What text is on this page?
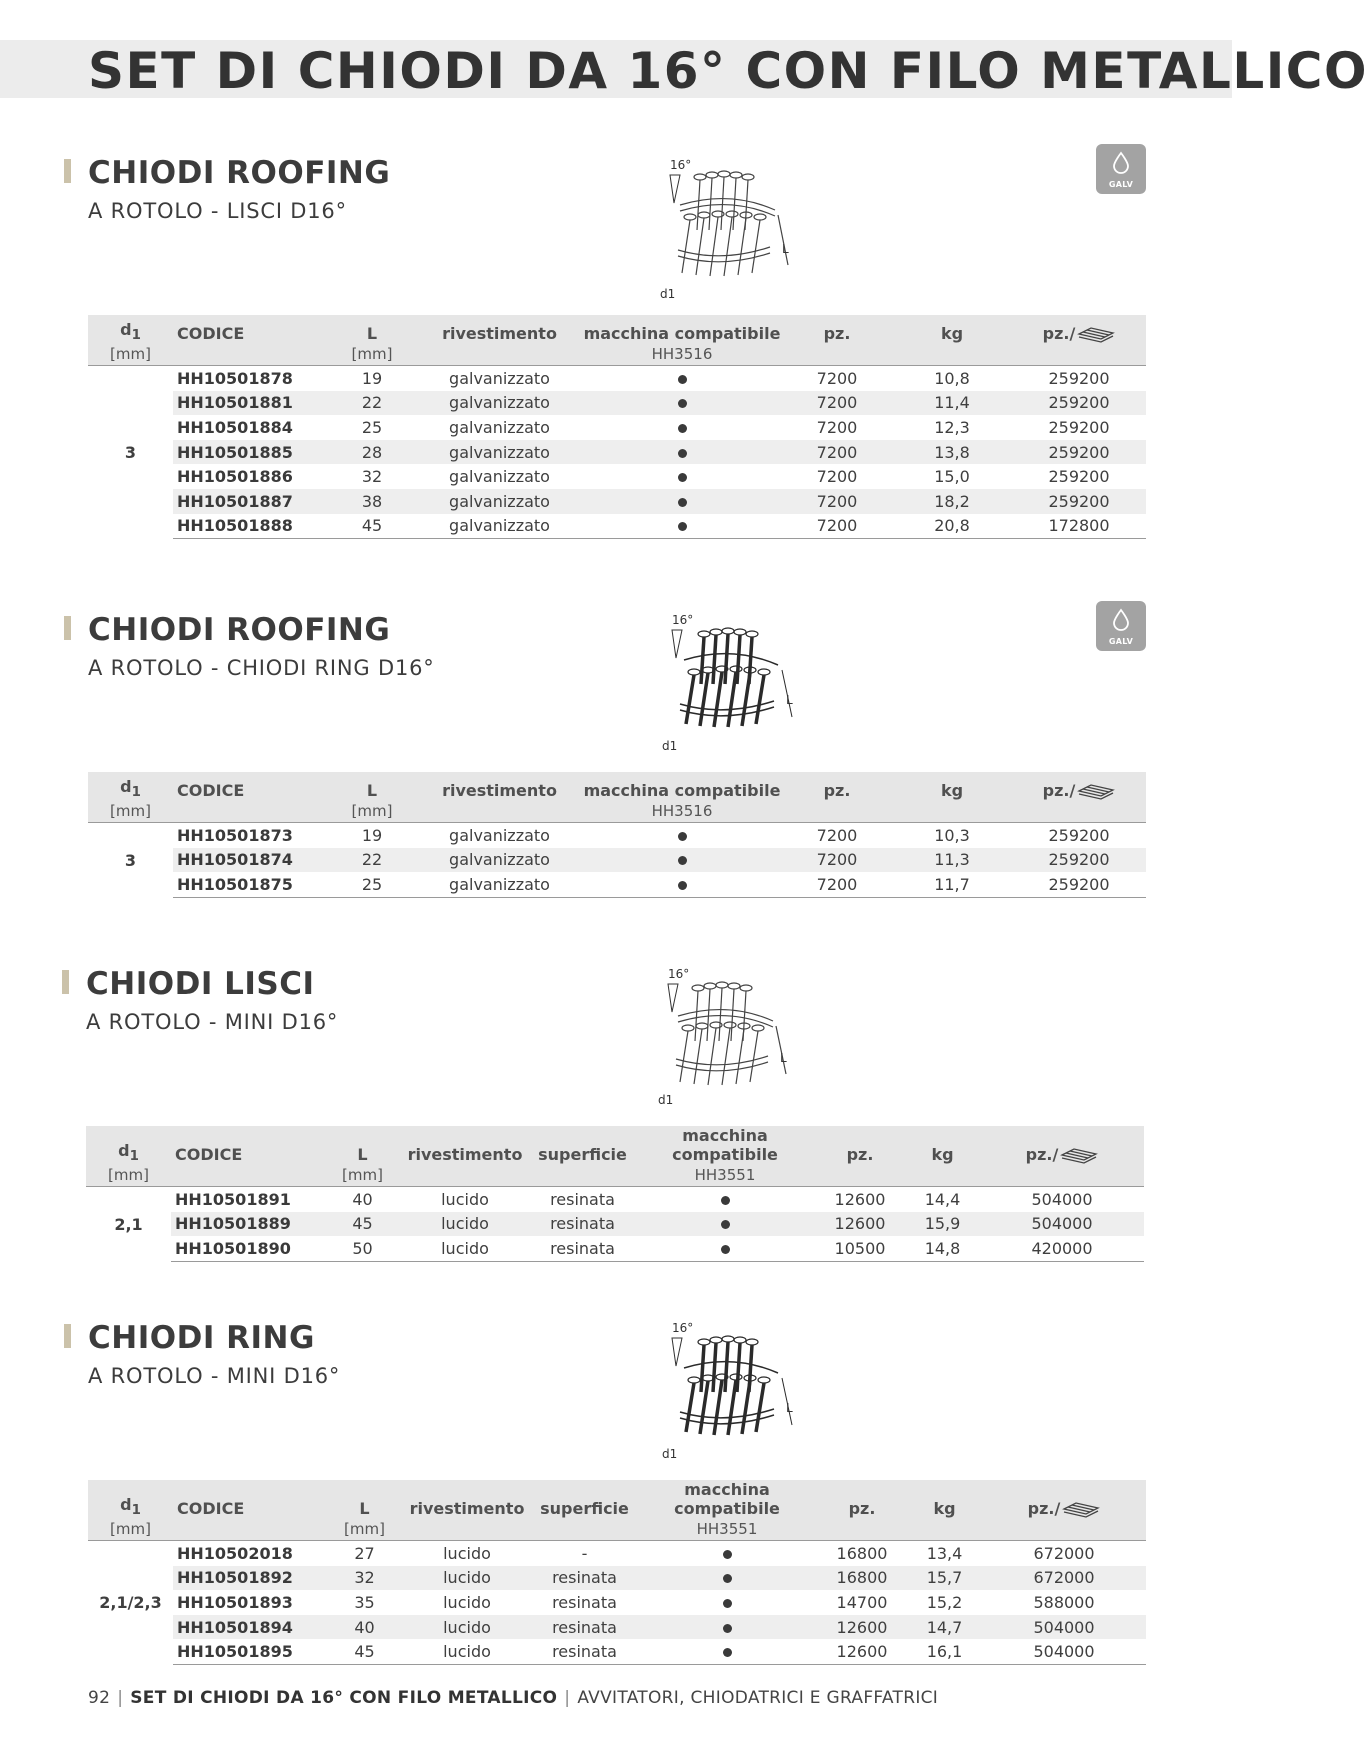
SET DI CHIODI DA 16° CON FILO METALLICO
CHIODI ROOFING
A ROTOLO - LISCI D16°
GALV
16°
L
d1
$d_1$	CODICE	L	rivestimento	macchina compatibile	pz.	kg	pz./
[mm]		[mm]		HH3516			
3	HH10501878	19	galvanizzato		7200	10,8	259200
	HH10501881	22	galvanizzato		7200	11,4	259200
	HH10501884	25	galvanizzato		7200	12,3	259200
	HH10501885	28	galvanizzato		7200	13,8	259200
	HH10501886	32	galvanizzato		7200	15,0	259200
	HH10501887	38	galvanizzato		7200	18,2	259200
	HH10501888	45	galvanizzato		7200	20,8	172800
CHIODI ROOFING
A ROTOLO - CHIODI RING D16°
GALV
16°
L
d1
$d_1$	CODICE	L	rivestimento	macchina compatibile	pz.	kg	pz./
[mm]		[mm]		HH3516			
3	HH10501873	19	galvanizzato		7200	10,3	259200
	HH10501874	22	galvanizzato		7200	11,3	259200
	HH10501875	25	galvanizzato		7200	11,7	259200
CHIODI LISCI
A ROTOLO - MINI D16°
16°
L
d1
$d_1$	CODICE	L	rivestimento	superficie	macchina compatibile	pz.	kg	pz./
[mm]		[mm]			HH3551			
2,1	HH10501891	40	lucido	resinata		12600	14,4	504000
	HH10501889	45	lucido	resinata		12600	15,9	504000
	HH10501890	50	lucido	resinata		10500	14,8	420000
CHIODI RING
A ROTOLO - MINI D16°
16°
L
d1
$d_1$	CODICE	L	rivestimento	superficie	macchina compatibile	pz.	kg	pz./
[mm]		[mm]			HH3551			
2,1/2,3	HH10502018	27	lucido	-		16800	13,4	672000
	HH10501892	32	lucido	resinata		16800	15,7	672000
	HH10501893	35	lucido	resinata		14700	15,2	588000
	HH10501894	40	lucido	resinata		12600	14,7	504000
	HH10501895	45	lucido	resinata		12600	16,1	504000
92 | SET DI CHIODI DA 16° CON FILO METALLICO | AVVITATORI, CHIODATRICI E GRAFFATRICI
